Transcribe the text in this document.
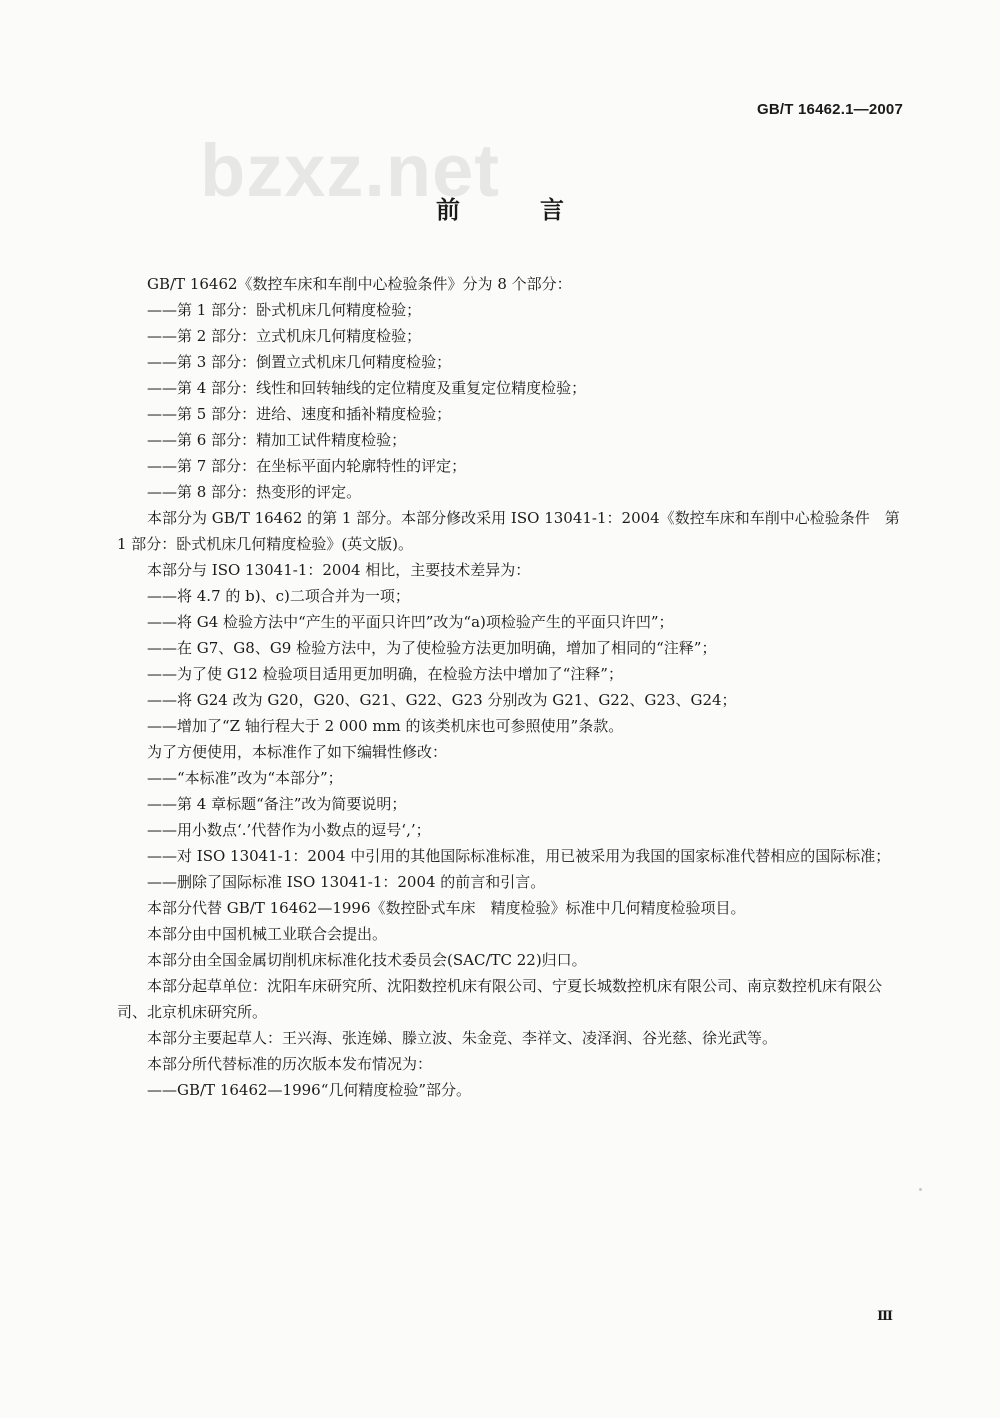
GB/T 16462.1—2007
bzxz.net
前　言
GB/T 16462《数控车床和车削中心检验条件》分为 8 个部分：
——第 1 部分：卧式机床几何精度检验；
——第 2 部分：立式机床几何精度检验；
——第 3 部分：倒置立式机床几何精度检验；
——第 4 部分：线性和回转轴线的定位精度及重复定位精度检验；
——第 5 部分：进给、速度和插补精度检验；
——第 6 部分：精加工试件精度检验；
——第 7 部分：在坐标平面内轮廓特性的评定；
——第 8 部分：热变形的评定。
本部分为 GB/T 16462 的第 1 部分。本部分修改采用 ISO 13041-1：2004《数控车床和车削中心检验条件　第 1 部分：卧式机床几何精度检验》(英文版)。
本部分与 ISO 13041-1：2004 相比，主要技术差异为：
——将 4.7 的 b)、c)二项合并为一项；
——将 G4 检验方法中“产生的平面只许凹”改为“a)项检验产生的平面只许凹”；
——在 G7、G8、G9 检验方法中，为了使检验方法更加明确，增加了相同的“注释”；
——为了使 G12 检验项目适用更加明确，在检验方法中增加了“注释”；
——将 G24 改为 G20，G20、G21、G22、G23 分别改为 G21、G22、G23、G24；
——增加了“Z 轴行程大于 2 000 mm 的该类机床也可参照使用”条款。
为了方便使用，本标准作了如下编辑性修改：
——“本标准”改为“本部分”；
——第 4 章标题“备注”改为简要说明；
——用小数点‘.’代替作为小数点的逗号‘,’；
——对 ISO 13041-1：2004 中引用的其他国际标准标准，用已被采用为我国的国家标准代替相应的国际标准；
——删除了国际标准 ISO 13041-1：2004 的前言和引言。
本部分代替 GB/T 16462—1996《数控卧式车床　精度检验》标准中几何精度检验项目。
本部分由中国机械工业联合会提出。
本部分由全国金属切削机床标准化技术委员会(SAC/TC 22)归口。
本部分起草单位：沈阳车床研究所、沈阳数控机床有限公司、宁夏长城数控机床有限公司、南京数控机床有限公司、北京机床研究所。
本部分主要起草人：王兴海、张连娣、滕立波、朱金竞、李祥文、凌泽润、谷光慈、徐光武等。
本部分所代替标准的历次版本发布情况为：
——GB/T 16462—1996“几何精度检验”部分。
Ⅲ
